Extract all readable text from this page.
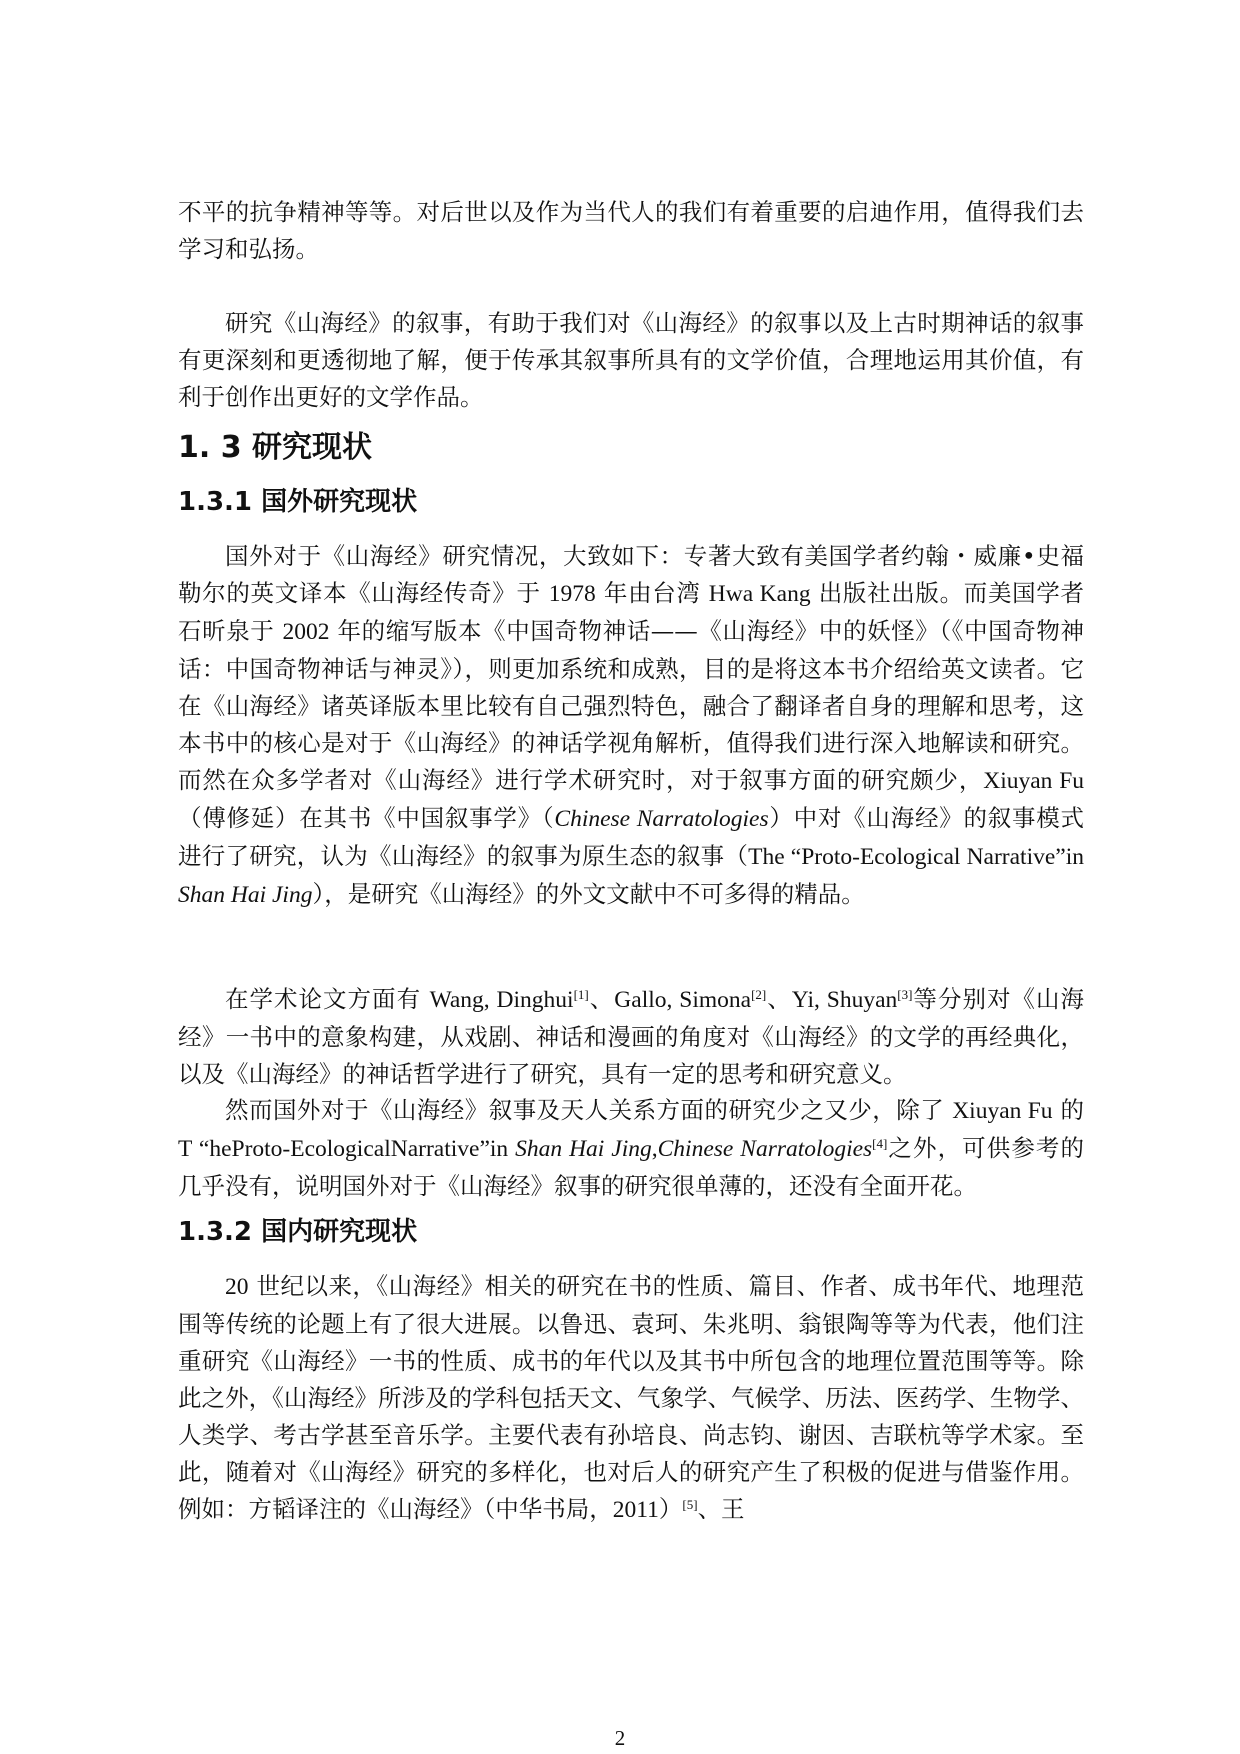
不平的抗争精神等等。对后世以及作为当代人的我们有着重要的启迪作用，值得我们去学习和弘扬。

研究《山海经》的叙事，有助于我们对《山海经》的叙事以及上古时期神话的叙事有更深刻和更透彻地了解，便于传承其叙事所具有的文学价值，合理地运用其价值，有利于创作出更好的文学作品。

1. 3 研究现状
1.3.1 国外研究现状

国外对于《山海经》研究情况，大致如下：专著大致有美国学者约翰・威廉•史福勒尔的英文译本《山海经传奇》于 1978 年由台湾 Hwa Kang 出版社出版。而美国学者石昕泉于 2002 年的缩写版本《中国奇物神话——《山海经》中的妖怪》（《中国奇物神话：中国奇物神话与神灵》），则更加系统和成熟，目的是将这本书介绍给英文读者。它在《山海经》诸英译版本里比较有自己强烈特色，融合了翻译者自身的理解和思考，这本书中的核心是对于《山海经》的神话学视角解析，值得我们进行深入地解读和研究。而然在众多学者对《山海经》进行学术研究时，对于叙事方面的研究颇少，Xiuyan Fu（傅修延）在其书《中国叙事学》（Chinese Narratologies）中对《山海经》的叙事模式进行了研究，认为《山海经》的叙事为原生态的叙事（The “Proto-Ecological Narrative”in Shan Hai Jing），是研究《山海经》的外文文献中不可多得的精品。

在学术论文方面有 Wang, Dinghui[1]、Gallo, Simona[2]、Yi, Shuyan[3]等分别对《山海经》一书中的意象构建，从戏剧、神话和漫画的角度对《山海经》的文学的再经典化，以及《山海经》的神话哲学进行了研究，具有一定的思考和研究意义。

然而国外对于《山海经》叙事及天人关系方面的研究少之又少，除了 Xiuyan Fu 的 T “heProto-EcologicalNarrative”in Shan Hai Jing,Chinese Narratologies[4]之外，可供参考的几乎没有，说明国外对于《山海经》叙事的研究很单薄的，还没有全面开花。

1.3.2 国内研究现状

20 世纪以来，《山海经》相关的研究在书的性质、篇目、作者、成书年代、地理范围等传统的论题上有了很大进展。以鲁迅、袁珂、朱兆明、翁银陶等等为代表，他们注重研究《山海经》一书的性质、成书的年代以及其书中所包含的地理位置范围等等。除此之外，《山海经》所涉及的学科包括天文、气象学、气候学、历法、医药学、生物学、人类学、考古学甚至音乐学。主要代表有孙培良、尚志钧、谢因、吉联杭等学术家。至此，随着对《山海经》研究的多样化，也对后人的研究产生了积极的促进与借鉴作用。例如：方韬译注的《山海经》（中华书局，2011）[5]、王

2
